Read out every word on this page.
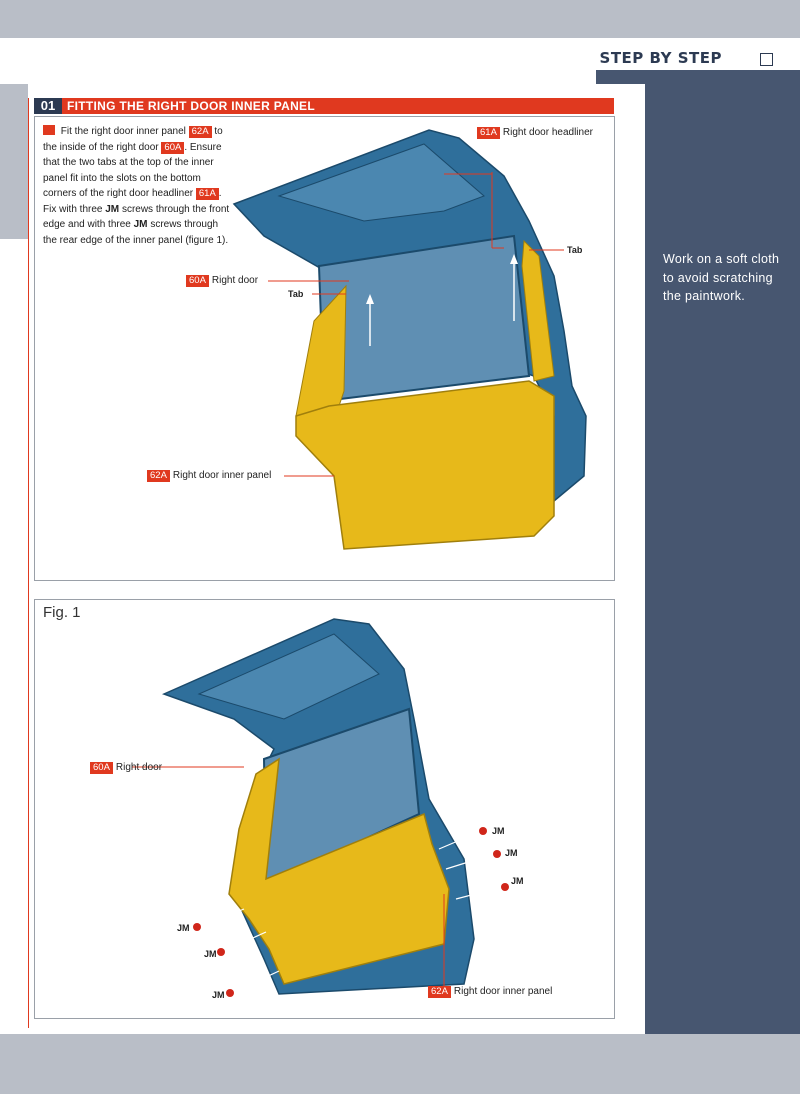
STEP BY STEP
01 FITTING THE RIGHT DOOR INNER PANEL
Fit the right door inner panel 62A to the inside of the right door 60A . Ensure that the two tabs at the top of the inner panel fit into the slots on the bottom corners of the right door headliner 61A . Fix with three JM screws through the front edge and with three JM screws through the rear edge of the inner panel (figure 1).
61A Right door headliner
60A Right door
62A Right door inner panel
Tab
Tab
Fig. 1
60A Right door
62A Right door inner panel
JM
JM
JM
JM
JM
JM
Work on a soft cloth to avoid scratching the paintwork.
